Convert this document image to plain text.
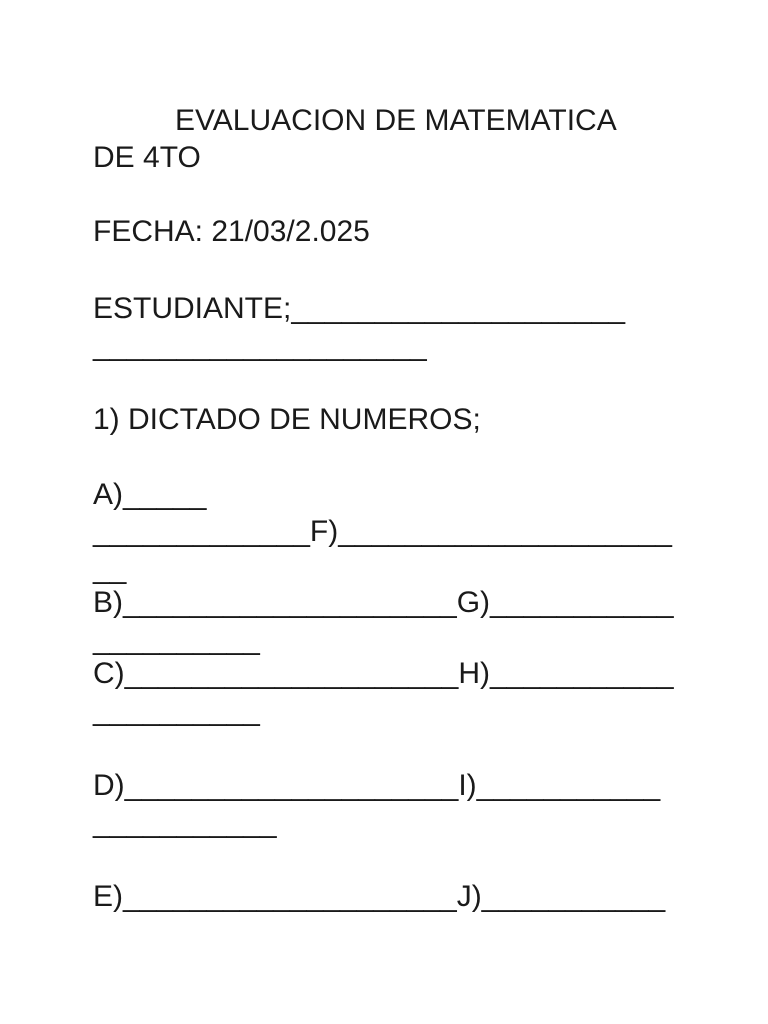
EVALUACION DE MATEMATICA
DE 4TO
FECHA: 21/03/2.025
ESTUDIANTE;____________________
____________________
1) DICTADO DE NUMEROS;
A)_____
_____________F)____________________
__
B)____________________G)___________
__________
C)____________________H)___________
__________
D)____________________I)___________
___________
E)____________________J)___________
